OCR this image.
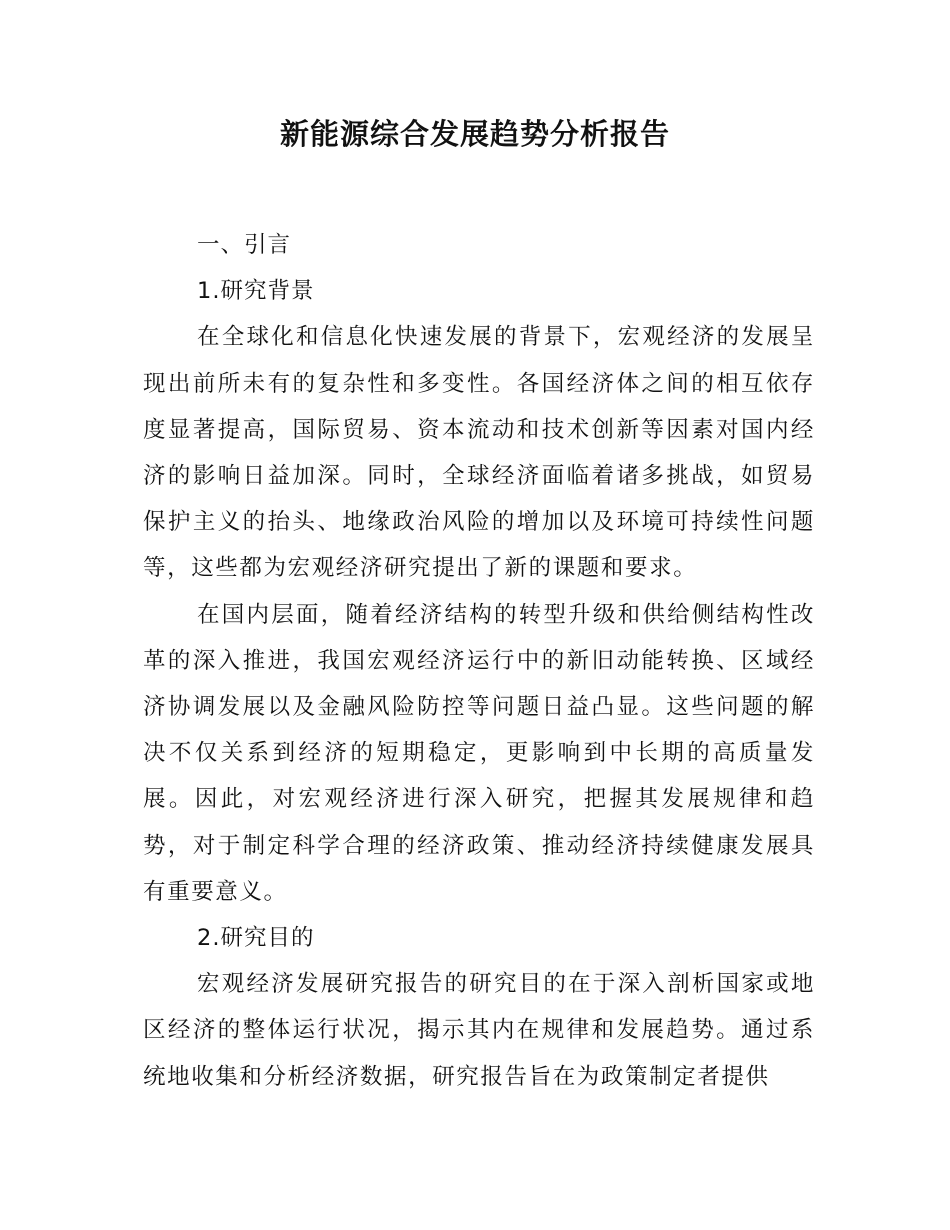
新能源综合发展趋势分析报告

一、引言

1.研究背景

在全球化和信息化快速发展的背景下，宏观经济的发展呈现出前所未有的复杂性和多变性。各国经济体之间的相互依存度显著提高，国际贸易、资本流动和技术创新等因素对国内经济的影响日益加深。同时，全球经济面临着诸多挑战，如贸易保护主义的抬头、地缘政治风险的增加以及环境可持续性问题等，这些都为宏观经济研究提出了新的课题和要求。

在国内层面，随着经济结构的转型升级和供给侧结构性改革的深入推进，我国宏观经济运行中的新旧动能转换、区域经济协调发展以及金融风险防控等问题日益凸显。这些问题的解决不仅关系到经济的短期稳定，更影响到中长期的高质量发展。因此，对宏观经济进行深入研究，把握其发展规律和趋势，对于制定科学合理的经济政策、推动经济持续健康发展具有重要意义。

2.研究目的

宏观经济发展研究报告的研究目的在于深入剖析国家或地区经济的整体运行状况，揭示其内在规律和发展趋势。通过系统地收集和分析经济数据，研究报告旨在为政策制定者提供
